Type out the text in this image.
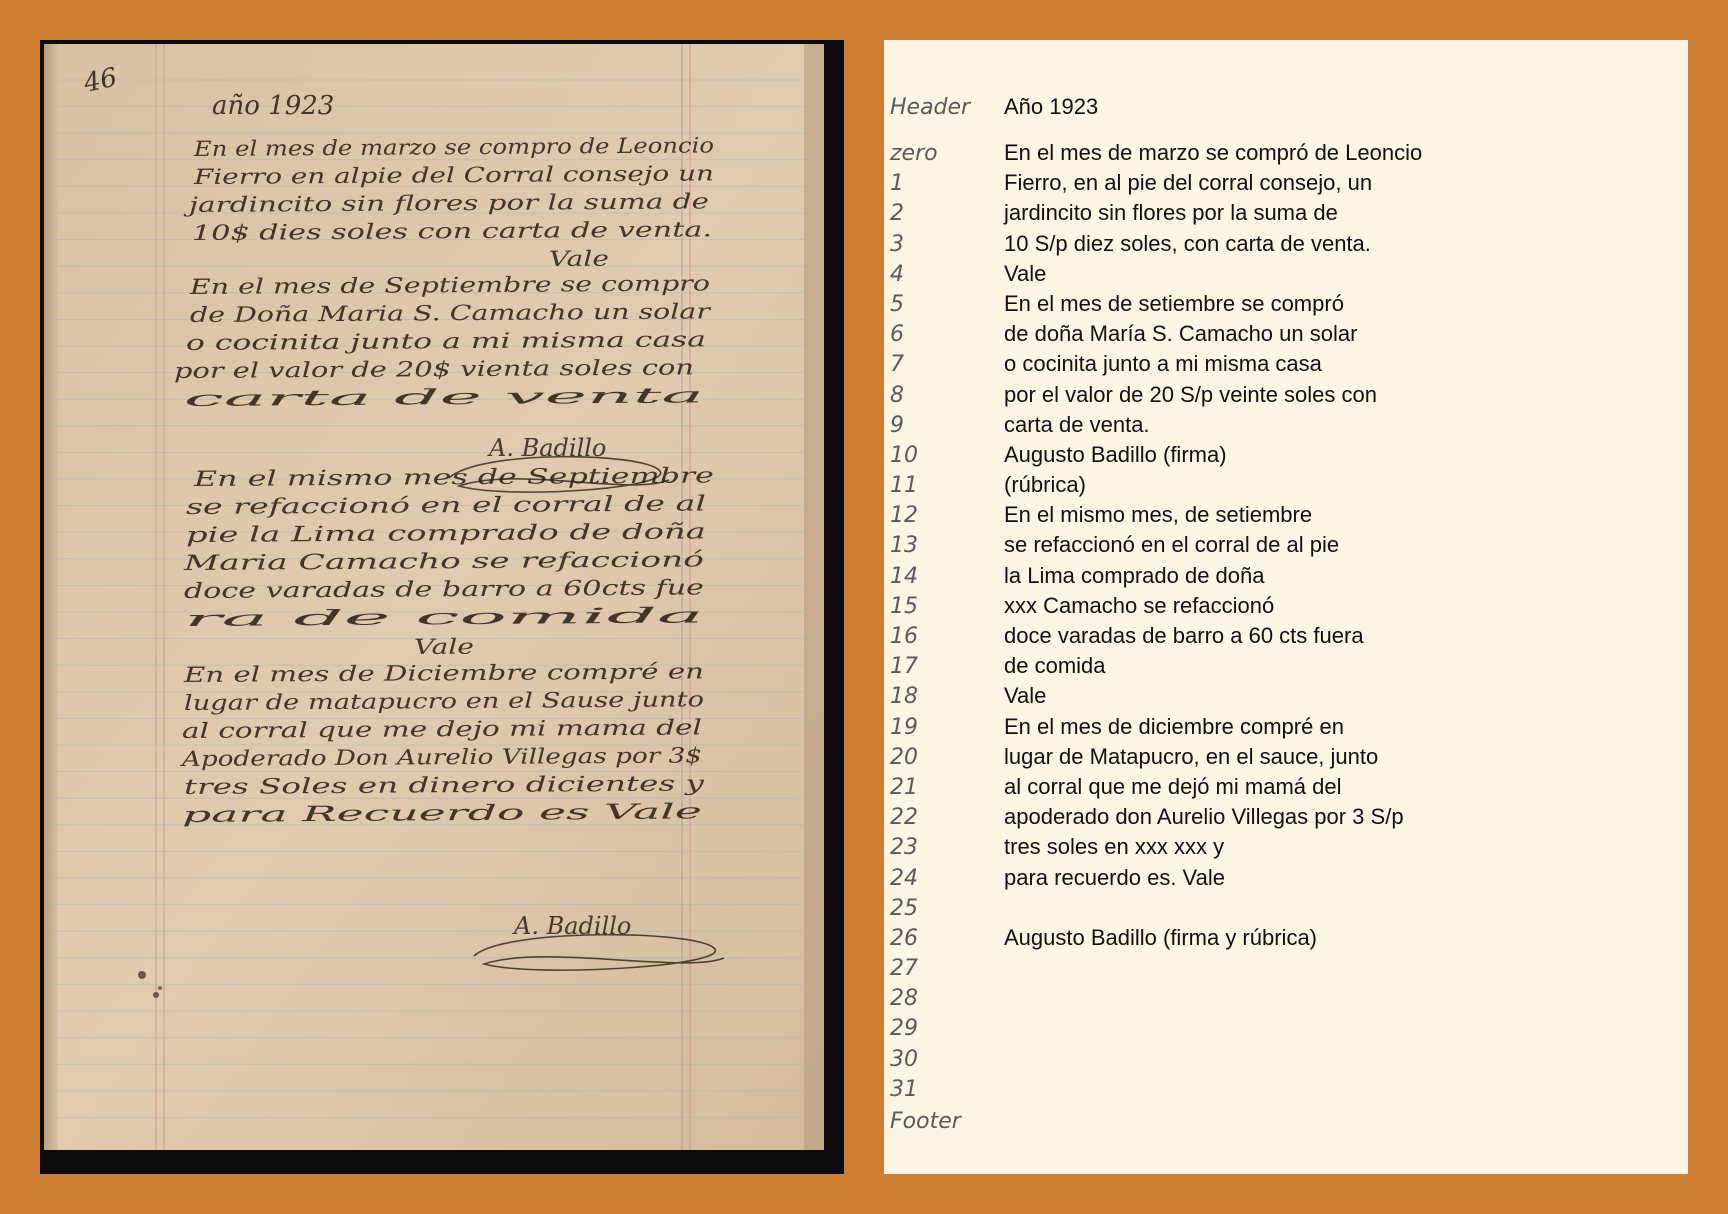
46
año 1923
En el mes de marzo se compro de Leoncio
Fierro en alpie del Corral consejo un
jardincito sin flores por la suma de
10$ dies soles con carta de venta.
Vale
En el mes de Septiembre se compro
de Doña Maria S. Camacho un solar
o cocinita junto a mi misma casa
por el valor de 20$ vienta soles con
carta de venta
En el mismo mes de Septiembre
se refaccionó en el corral de al
pie la Lima comprado de doña
Maria Camacho se refaccionó
doce varadas de barro a 60cts fue
ra de comida
Vale
En el mes de Diciembre compré en
lugar de matapucro en el Sause junto
al corral que me dejo mi mama del
Apoderado Don Aurelio Villegas por 3$
tres Soles en dinero dicientes y
para Recuerdo es Vale
A. Badillo
A. Badillo
Header Año 1923
zero	En el mes de marzo se compró de Leoncio
1	Fierro, en al pie del corral consejo, un
2	jardincito sin flores por la suma de
3	10 S/p diez soles, con carta de venta.
4	Vale
5	En el mes de setiembre se compró
6	de doña María S. Camacho un solar
7	o cocinita junto a mi misma casa
8	por el valor de 20 S/p veinte soles con
9	carta de venta.
10	Augusto Badillo (firma)
11	(rúbrica)
12	En el mismo mes, de setiembre
13	se refaccionó en el corral de al pie
14	la Lima comprado de doña
15	xxx Camacho se refaccionó
16	doce varadas de barro a 60 cts fuera
17	de comida
18	Vale
19	En el mes de diciembre compré en
20	lugar de Matapucro, en el sauce, junto
21	al corral que me dejó mi mamá del
22	apoderado don Aurelio Villegas por 3 S/p
23	tres soles en xxx xxx y
24	para recuerdo es. Vale
25
26	Augusto Badillo (firma y rúbrica)
27
28
29
30
31
Footer
